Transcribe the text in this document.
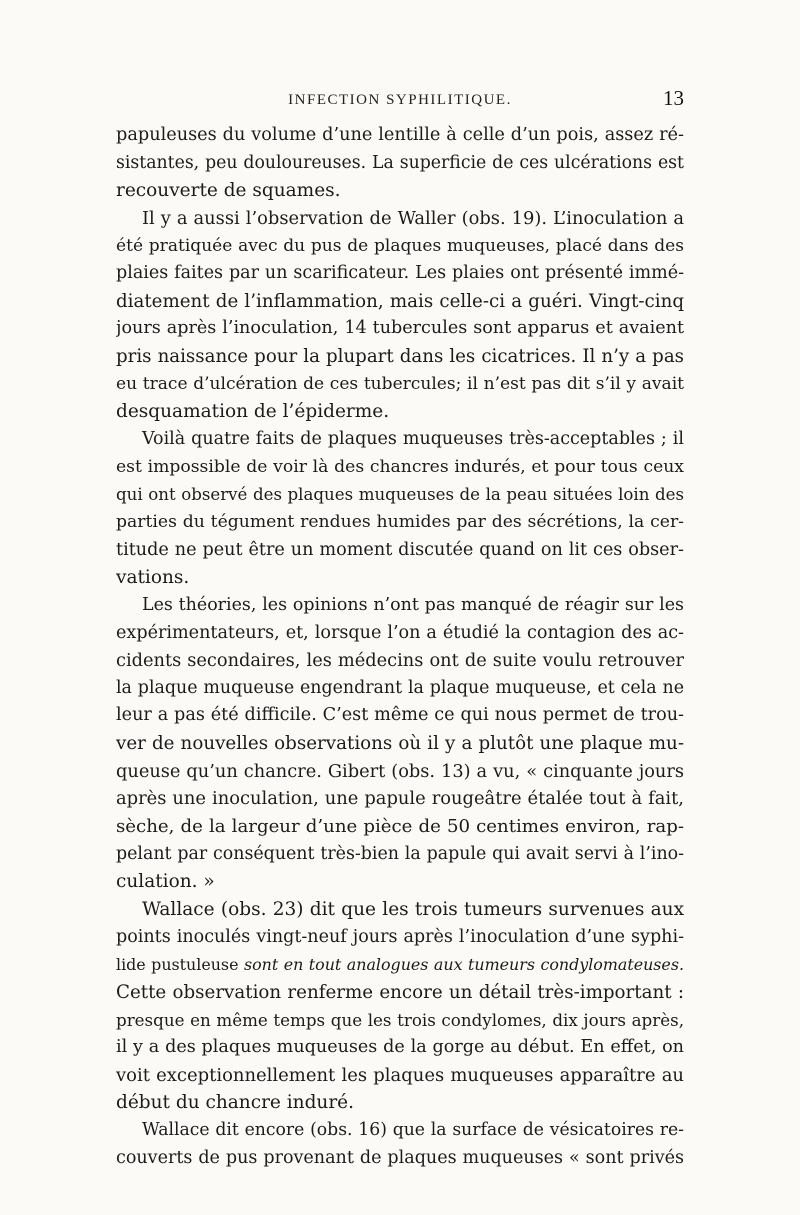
INFECTION SYPHILITIQUE.	13
papuleuses du volume d’une lentille à celle d’un pois, assez ré-
sistantes, peu douloureuses. La superficie de ces ulcérations est
recouverte de squames.
Il y a aussi l’observation de Waller (obs. 19). L’inoculation a
été pratiquée avec du pus de plaques muqueuses, placé dans des
plaies faites par un scarificateur. Les plaies ont présenté immé-
diatement de l’inflammation, mais celle-ci a guéri. Vingt-cinq
jours après l’inoculation, 14 tubercules sont apparus et avaient
pris naissance pour la plupart dans les cicatrices. Il n’y a pas
eu trace d’ulcération de ces tubercules; il n’est pas dit s’il y avait
desquamation de l’épiderme.
Voilà quatre faits de plaques muqueuses très-acceptables ; il
est impossible de voir là des chancres indurés, et pour tous ceux
qui ont observé des plaques muqueuses de la peau situées loin des
parties du tégument rendues humides par des sécrétions, la cer-
titude ne peut être un moment discutée quand on lit ces obser-
vations.
Les théories, les opinions n’ont pas manqué de réagir sur les
expérimentateurs, et, lorsque l’on a étudié la contagion des ac-
cidents secondaires, les médecins ont de suite voulu retrouver
la plaque muqueuse engendrant la plaque muqueuse, et cela ne
leur a pas été difficile. C’est même ce qui nous permet de trou-
ver de nouvelles observations où il y a plutôt une plaque mu-
queuse qu’un chancre. Gibert (obs. 13) a vu, « cinquante jours
après une inoculation, une papule rougeâtre étalée tout à fait,
sèche, de la largeur d’une pièce de 50 centimes environ, rap-
pelant par conséquent très-bien la papule qui avait servi à l’ino-
culation. »
Wallace (obs. 23) dit que les trois tumeurs survenues aux
points inoculés vingt-neuf jours après l’inoculation d’une syphi-
lide pustuleuse sont en tout analogues aux tumeurs condylomateuses.
Cette observation renferme encore un détail très-important :
presque en même temps que les trois condylomes, dix jours après,
il y a des plaques muqueuses de la gorge au début. En effet, on
voit exceptionnellement les plaques muqueuses apparaître au
début du chancre induré.
Wallace dit encore (obs. 16) que la surface de vésicatoires re-
couverts de pus provenant de plaques muqueuses « sont privés
